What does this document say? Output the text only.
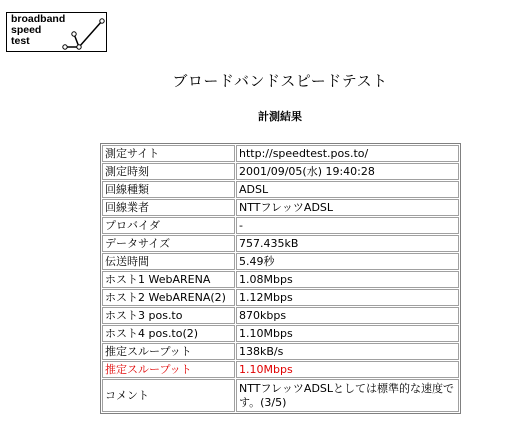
broadband
speed
test
ブロードバンドスピードテスト
計測結果
測定サイト	http://speedtest.pos.to/
測定時刻	2001/09/05(水) 19:40:28
回線種類	ADSL
回線業者	NTTフレッツADSL
プロバイダ	-
データサイズ	757.435kB
伝送時間	5.49秒
ホスト1 WebARENA	1.08Mbps
ホスト2 WebARENA(2)	1.12Mbps
ホスト3 pos.to	870kbps
ホスト4 pos.to(2)	1.10Mbps
推定スループット	138kB/s
推定スループット	1.10Mbps
コメント	NTTフレッツADSLとしては標準的な速度です。(3/5)
